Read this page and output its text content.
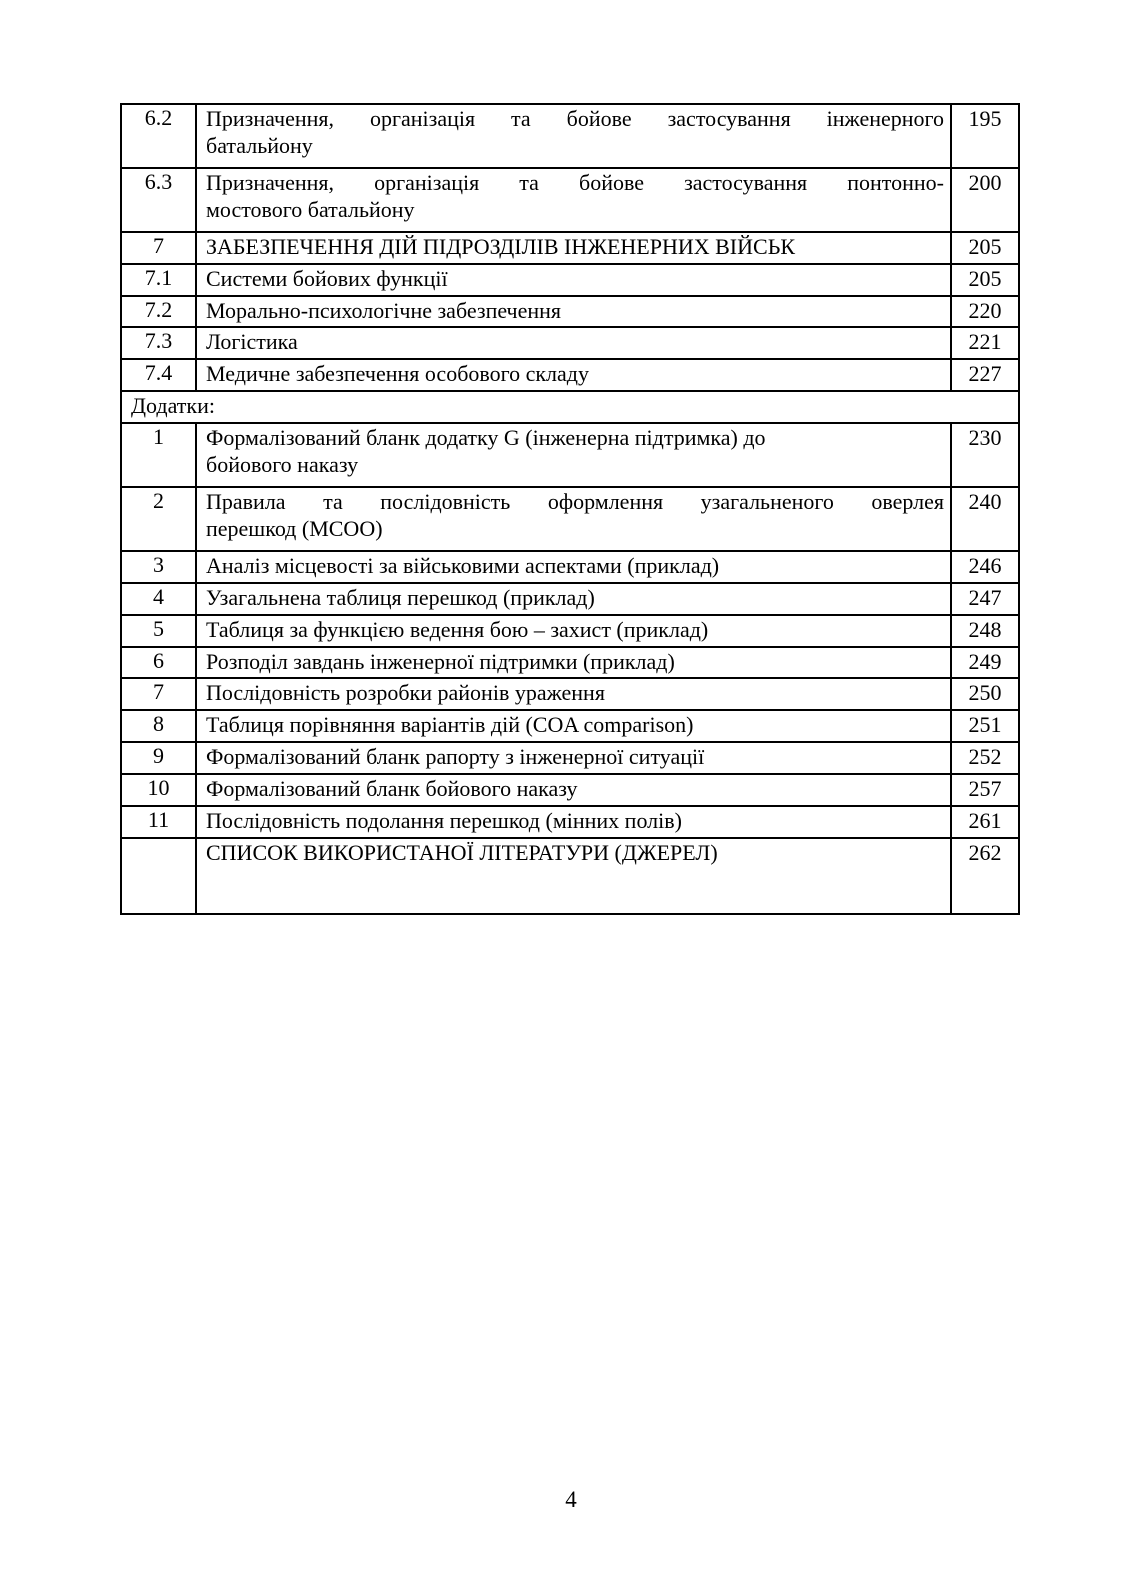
6.2	Призначення, організація та бойове застосування інженерного
батальйону	195
6.3	Призначення, організація та бойове застосування понтонно-
мостового батальйону	200
7	ЗАБЕЗПЕЧЕННЯ ДІЙ ПІДРОЗДІЛІВ ІНЖЕНЕРНИХ ВІЙСЬК	205
7.1	Системи бойових функції	205
7.2	Морально-психологічне забезпечення	220
7.3	Логістика	221
7.4	Медичне забезпечення особового складу	227
Додатки:		
1	Формалізований бланк додатку G (інженерна підтримка) до
бойового наказу	230
2	Правила та послідовність оформлення узагальненого оверлея
перешкод (MCOO)	240
3	Аналіз місцевості за військовими аспектами (приклад)	246
4	Узагальнена таблиця перешкод (приклад)	247
5	Таблиця за функцією ведення бою – захист (приклад)	248
6	Розподіл завдань інженерної підтримки (приклад)	249
7	Послідовність розробки районів ураження	250
8	Таблиця порівняння варіантів дій (COA comparison)	251
9	Формалізований бланк рапорту з інженерної ситуації	252
10	Формалізований бланк бойового наказу	257
11	Послідовність подолання перешкод (мінних полів)	261
	СПИСОК ВИКОРИСТАНОЇ ЛІТЕРАТУРИ (ДЖЕРЕЛ)	262
4
